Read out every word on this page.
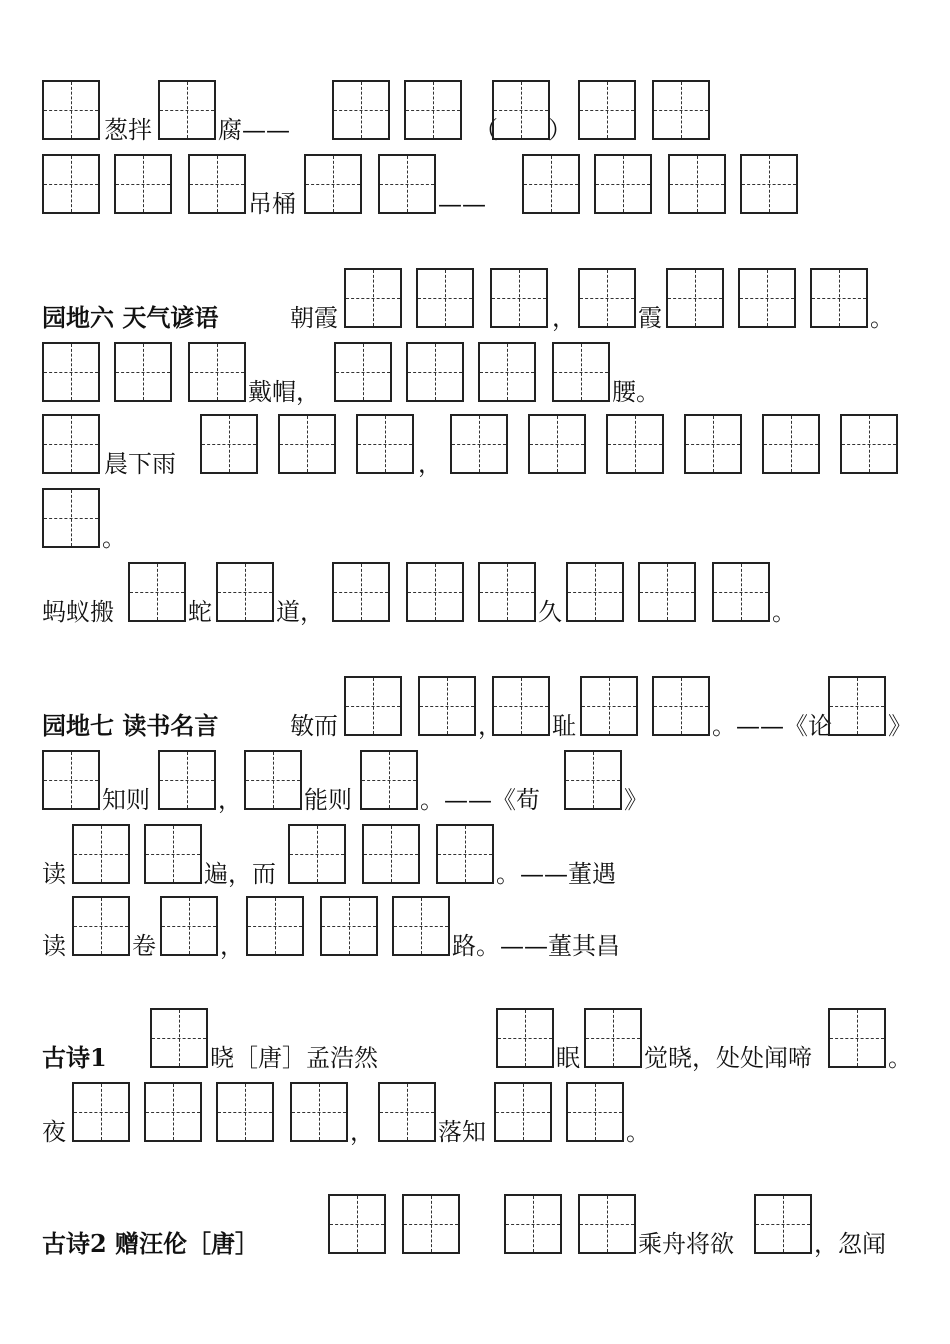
葱拌	腐——	（ ）
吊桶	——
园地六 天气谚语	朝霞	，	霞	。
戴帽，	腰。
晨下雨	，
。
蚂蚁搬	蛇	道，	久	。
园地七 读书名言	敏而	， 耻	。——《论 》
知则	，	能则	。——《荀	》
读	遍，而	。——董遇
读	卷	，	路。——董其昌
古诗1	晓［唐］孟浩然	眠	觉晓，处处闻啼	。
夜	，	落知	。
古诗2 赠汪伦［唐］	乘舟将欲	，忽闻
